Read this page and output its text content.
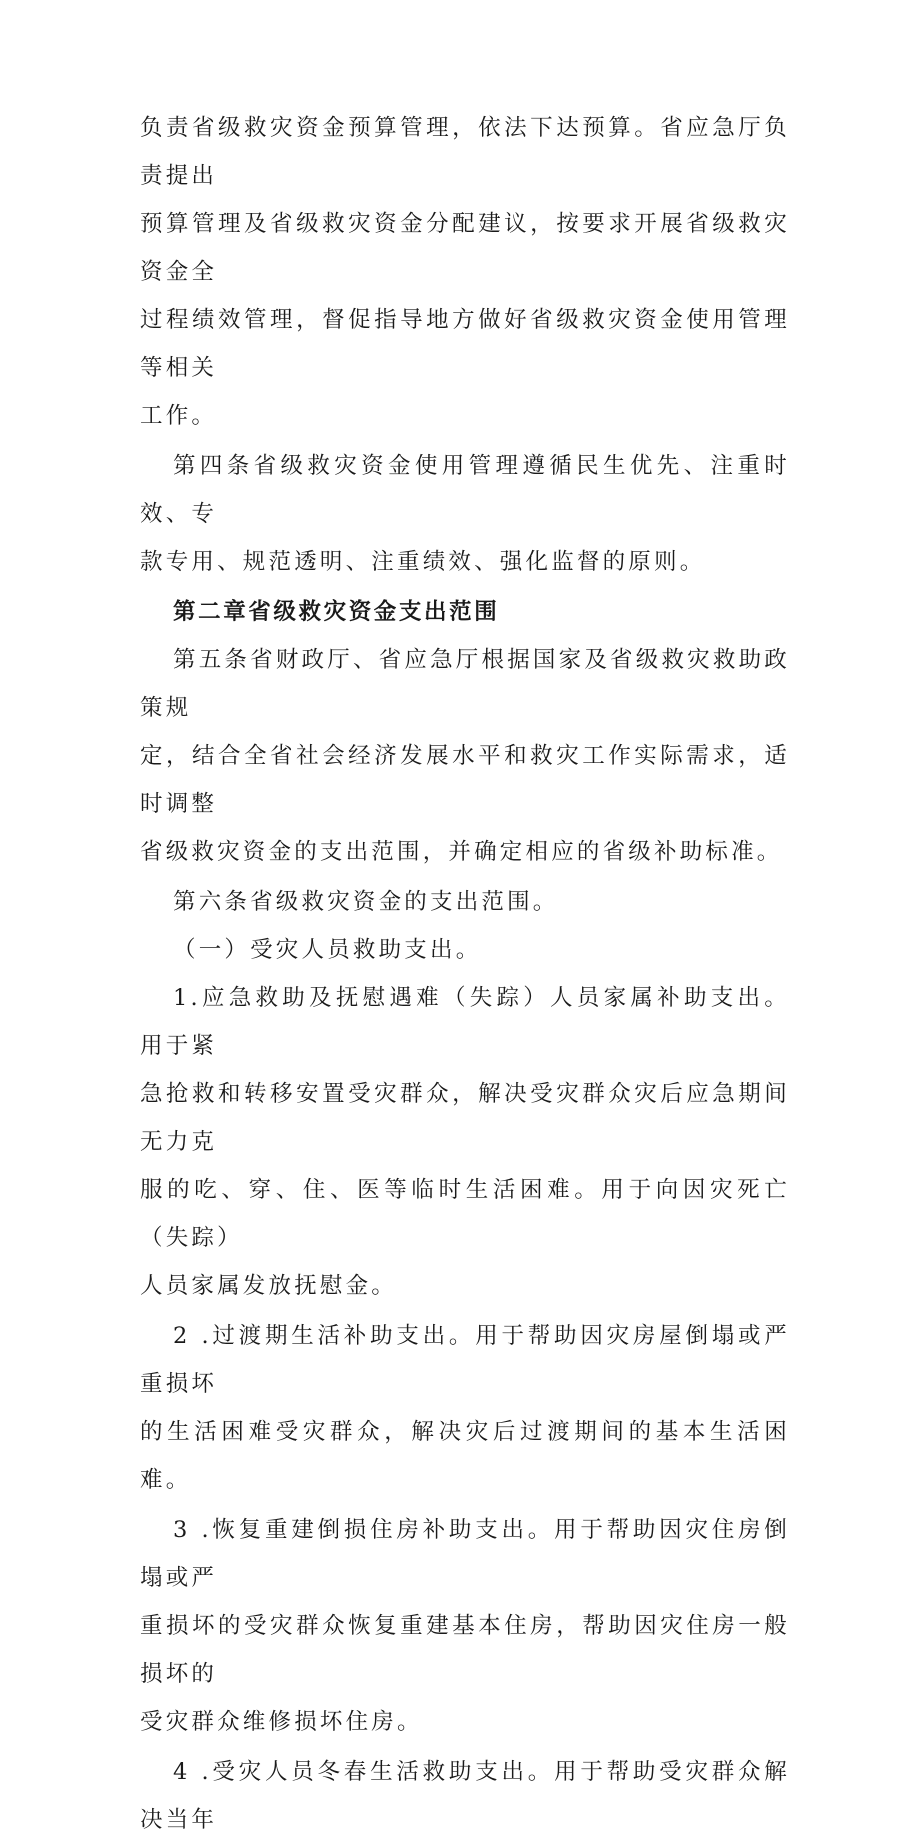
负责省级救灾资金预算管理，依法下达预算。省应急厅负责提出
预算管理及省级救灾资金分配建议，按要求开展省级救灾资金全
过程绩效管理，督促指导地方做好省级救灾资金使用管理等相关
工作。

第四条省级救灾资金使用管理遵循民生优先、注重时效、专
款专用、规范透明、注重绩效、强化监督的原则。

第二章省级救灾资金支出范围

第五条省财政厅、省应急厅根据国家及省级救灾救助政策规
定，结合全省社会经济发展水平和救灾工作实际需求，适时调整
省级救灾资金的支出范围，并确定相应的省级补助标准。

第六条省级救灾资金的支出范围。

（一）受灾人员救助支出。

1.应急救助及抚慰遇难（失踪）人员家属补助支出。用于紧
急抢救和转移安置受灾群众，解决受灾群众灾后应急期间无力克
服的吃、穿、住、医等临时生活困难。用于向因灾死亡（失踪）
人员家属发放抚慰金。

2 .过渡期生活补助支出。用于帮助因灾房屋倒塌或严重损坏
的生活困难受灾群众，解决灾后过渡期间的基本生活困难。

3 .恢复重建倒损住房补助支出。用于帮助因灾住房倒塌或严
重损坏的受灾群众恢复重建基本住房，帮助因灾住房一般损坏的
受灾群众维修损坏住房。

4 .受灾人员冬春生活救助支出。用于帮助受灾群众解决当年
